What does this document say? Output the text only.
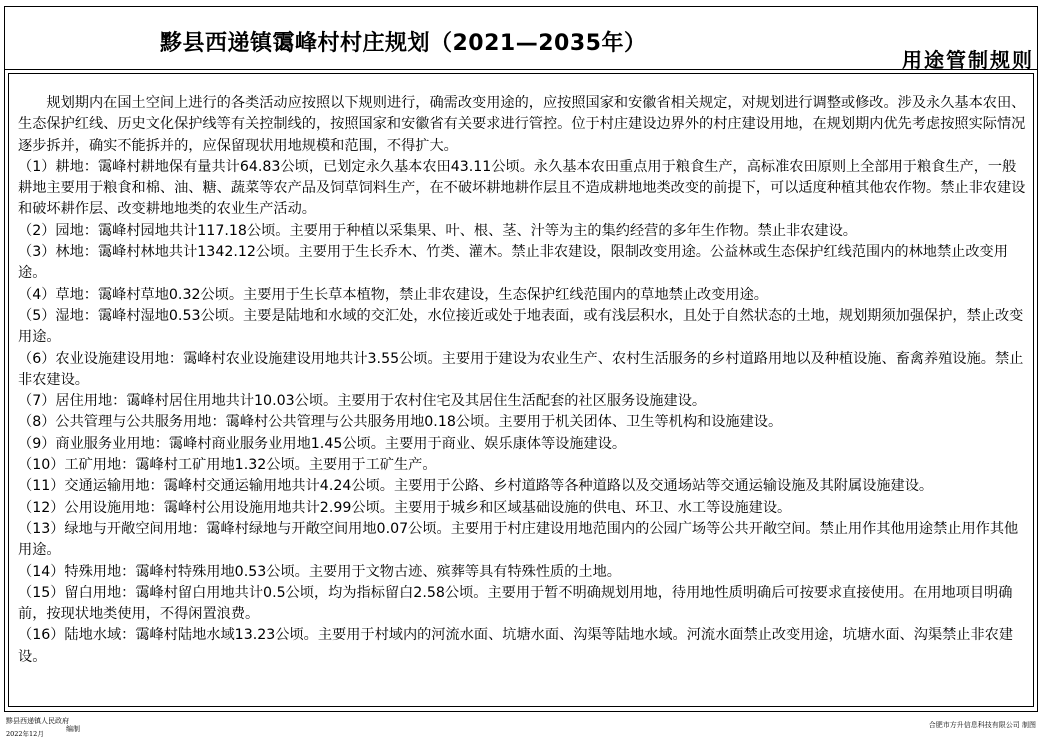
黟县西递镇霭峰村村庄规划（2021—2035年）
用途管制规则

规划期内在国土空间上进行的各类活动应按照以下规则进行，确需改变用途的，应按照国家和安徽省相关规定，对规划进行调整或修改。涉及永久基本农田、生态保护红线、历史文化保护线等有关控制线的，按照国家和安徽省有关要求进行管控。位于村庄建设边界外的村庄建设用地，在规划期内优先考虑按照实际情况逐步拆并，确实不能拆并的，应保留现状用地规模和范围，不得扩大。

（1）耕地：霭峰村耕地保有量共计64.83公顷，已划定永久基本农田43.11公顷。永久基本农田重点用于粮食生产，高标准农田原则上全部用于粮食生产，一般耕地主要用于粮食和棉、油、糖、蔬菜等农产品及饲草饲料生产，在不破坏耕地耕作层且不造成耕地地类改变的前提下，可以适度种植其他农作物。禁止非农建设和破坏耕作层、改变耕地地类的农业生产活动。

（2）园地：霭峰村园地共计117.18公顷。主要用于种植以采集果、叶、根、茎、汁等为主的集约经营的多年生作物。禁止非农建设。

（3）林地：霭峰村林地共计1342.12公顷。主要用于生长乔木、竹类、灌木。禁止非农建设，限制改变用途。公益林或生态保护红线范围内的林地禁止改变用途。

（4）草地：霭峰村草地0.32公顷。主要用于生长草本植物，禁止非农建设，生态保护红线范围内的草地禁止改变用途。

（5）湿地：霭峰村湿地0.53公顷。主要是陆地和水域的交汇处，水位接近或处于地表面，或有浅层积水，且处于自然状态的土地，规划期须加强保护，禁止改变用途。

（6）农业设施建设用地：霭峰村农业设施建设用地共计3.55公顷。主要用于建设为农业生产、农村生活服务的乡村道路用地以及种植设施、畜禽养殖设施。禁止非农建设。

（7）居住用地：霭峰村居住用地共计10.03公顷。主要用于农村住宅及其居住生活配套的社区服务设施建设。

（8）公共管理与公共服务用地：霭峰村公共管理与公共服务用地0.18公顷。主要用于机关团体、卫生等机构和设施建设。

（9）商业服务业用地：霭峰村商业服务业用地1.45公顷。主要用于商业、娱乐康体等设施建设。

（10）工矿用地：霭峰村工矿用地1.32公顷。主要用于工矿生产。

（11）交通运输用地：霭峰村交通运输用地共计4.24公顷。主要用于公路、乡村道路等各种道路以及交通场站等交通运输设施及其附属设施建设。

（12）公用设施用地：霭峰村公用设施用地共计2.99公顷。主要用于城乡和区域基础设施的供电、环卫、水工等设施建设。

（13）绿地与开敞空间用地：霭峰村绿地与开敞空间用地0.07公顷。主要用于村庄建设用地范围内的公园广场等公共开敞空间。禁止用作其他用途禁止用作其他用途。

（14）特殊用地：霭峰村特殊用地0.53公顷。主要用于文物古迹、殡葬等具有特殊性质的土地。

（15）留白用地：霭峰村留白用地共计0.5公顷，均为指标留白2.58公顷。主要用于暂不明确规划用地，待用地性质明确后可按要求直接使用。在用地项目明确前，按现状地类使用，不得闲置浪费。

（16）陆地水域：霭峰村陆地水域13.23公顷。主要用于村域内的河流水面、坑塘水面、沟渠等陆地水域。河流水面禁止改变用途，坑塘水面、沟渠禁止非农建设。

黟县西递镇人民政府
2022年12月
编制	合肥市方升信息科技有限公司 制图
